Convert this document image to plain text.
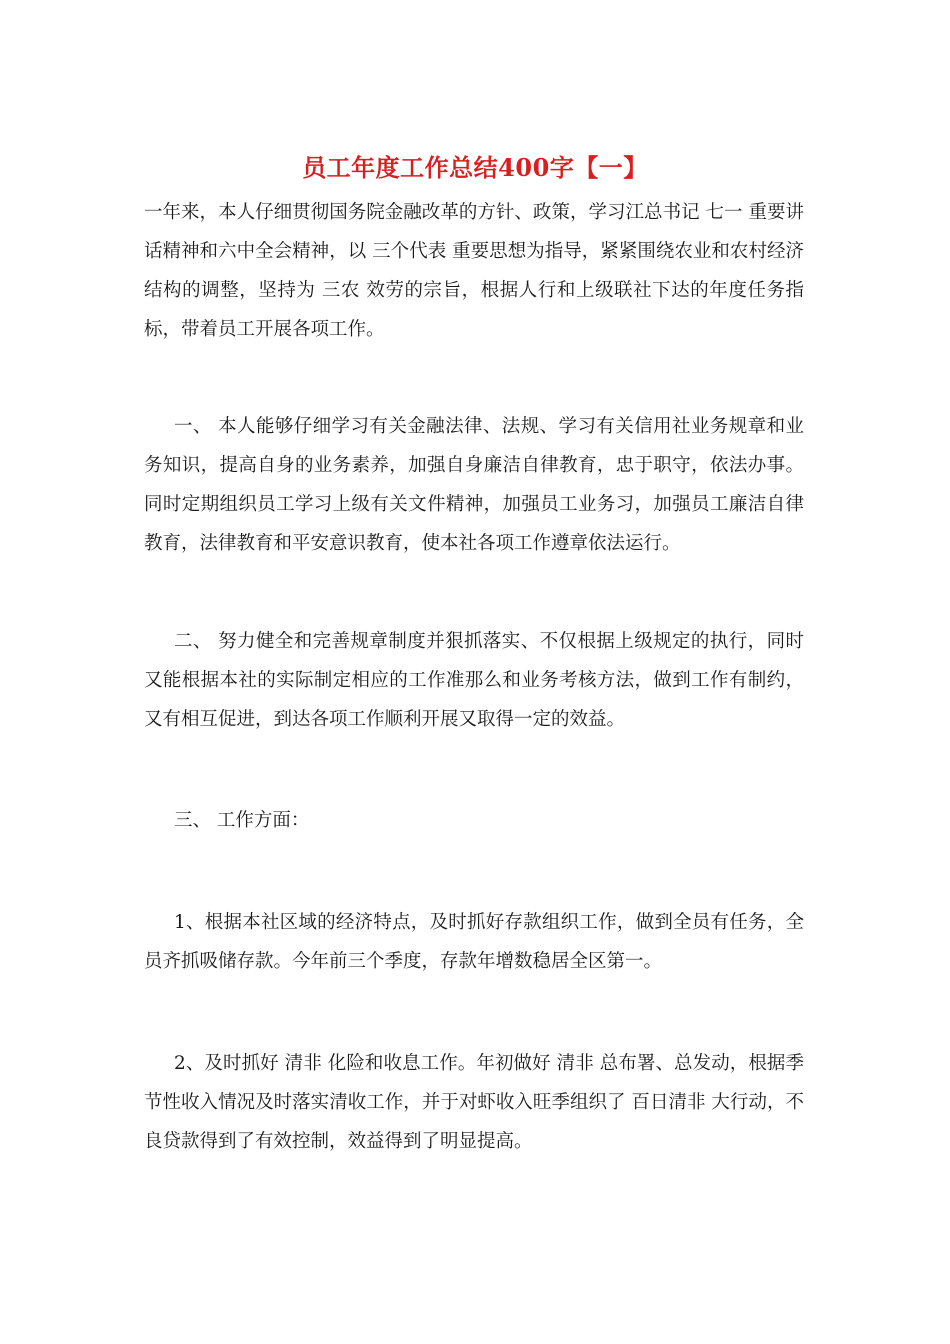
员工年度工作总结400字【一】

一年来，本人仔细贯彻国务院金融改革的方针、政策，学习江总书记 七一 重要讲话精神和六中全会精神，以 三个代表 重要思想为指导，紧紧围绕农业和农村经济结构的调整，坚持为 三农 效劳的宗旨，根据人行和上级联社下达的年度任务指标，带着员工开展各项工作。

一、 本人能够仔细学习有关金融法律、法规、学习有关信用社业务规章和业务知识，提高自身的业务素养，加强自身廉洁自律教育，忠于职守，依法办事。同时定期组织员工学习上级有关文件精神，加强员工业务习，加强员工廉洁自律教育，法律教育和平安意识教育，使本社各项工作遵章依法运行。

二、 努力健全和完善规章制度并狠抓落实、不仅根据上级规定的执行，同时又能根据本社的实际制定相应的工作准那么和业务考核方法，做到工作有制约，又有相互促进，到达各项工作顺利开展又取得一定的效益。

三、 工作方面：

1、根据本社区域的经济特点，及时抓好存款组织工作，做到全员有任务，全员齐抓吸储存款。今年前三个季度，存款年增数稳居全区第一。

2、及时抓好 清非 化险和收息工作。年初做好 清非 总布署、总发动，根据季节性收入情况及时落实清收工作，并于对虾收入旺季组织了 百日清非 大行动，不良贷款得到了有效控制，效益得到了明显提高。
